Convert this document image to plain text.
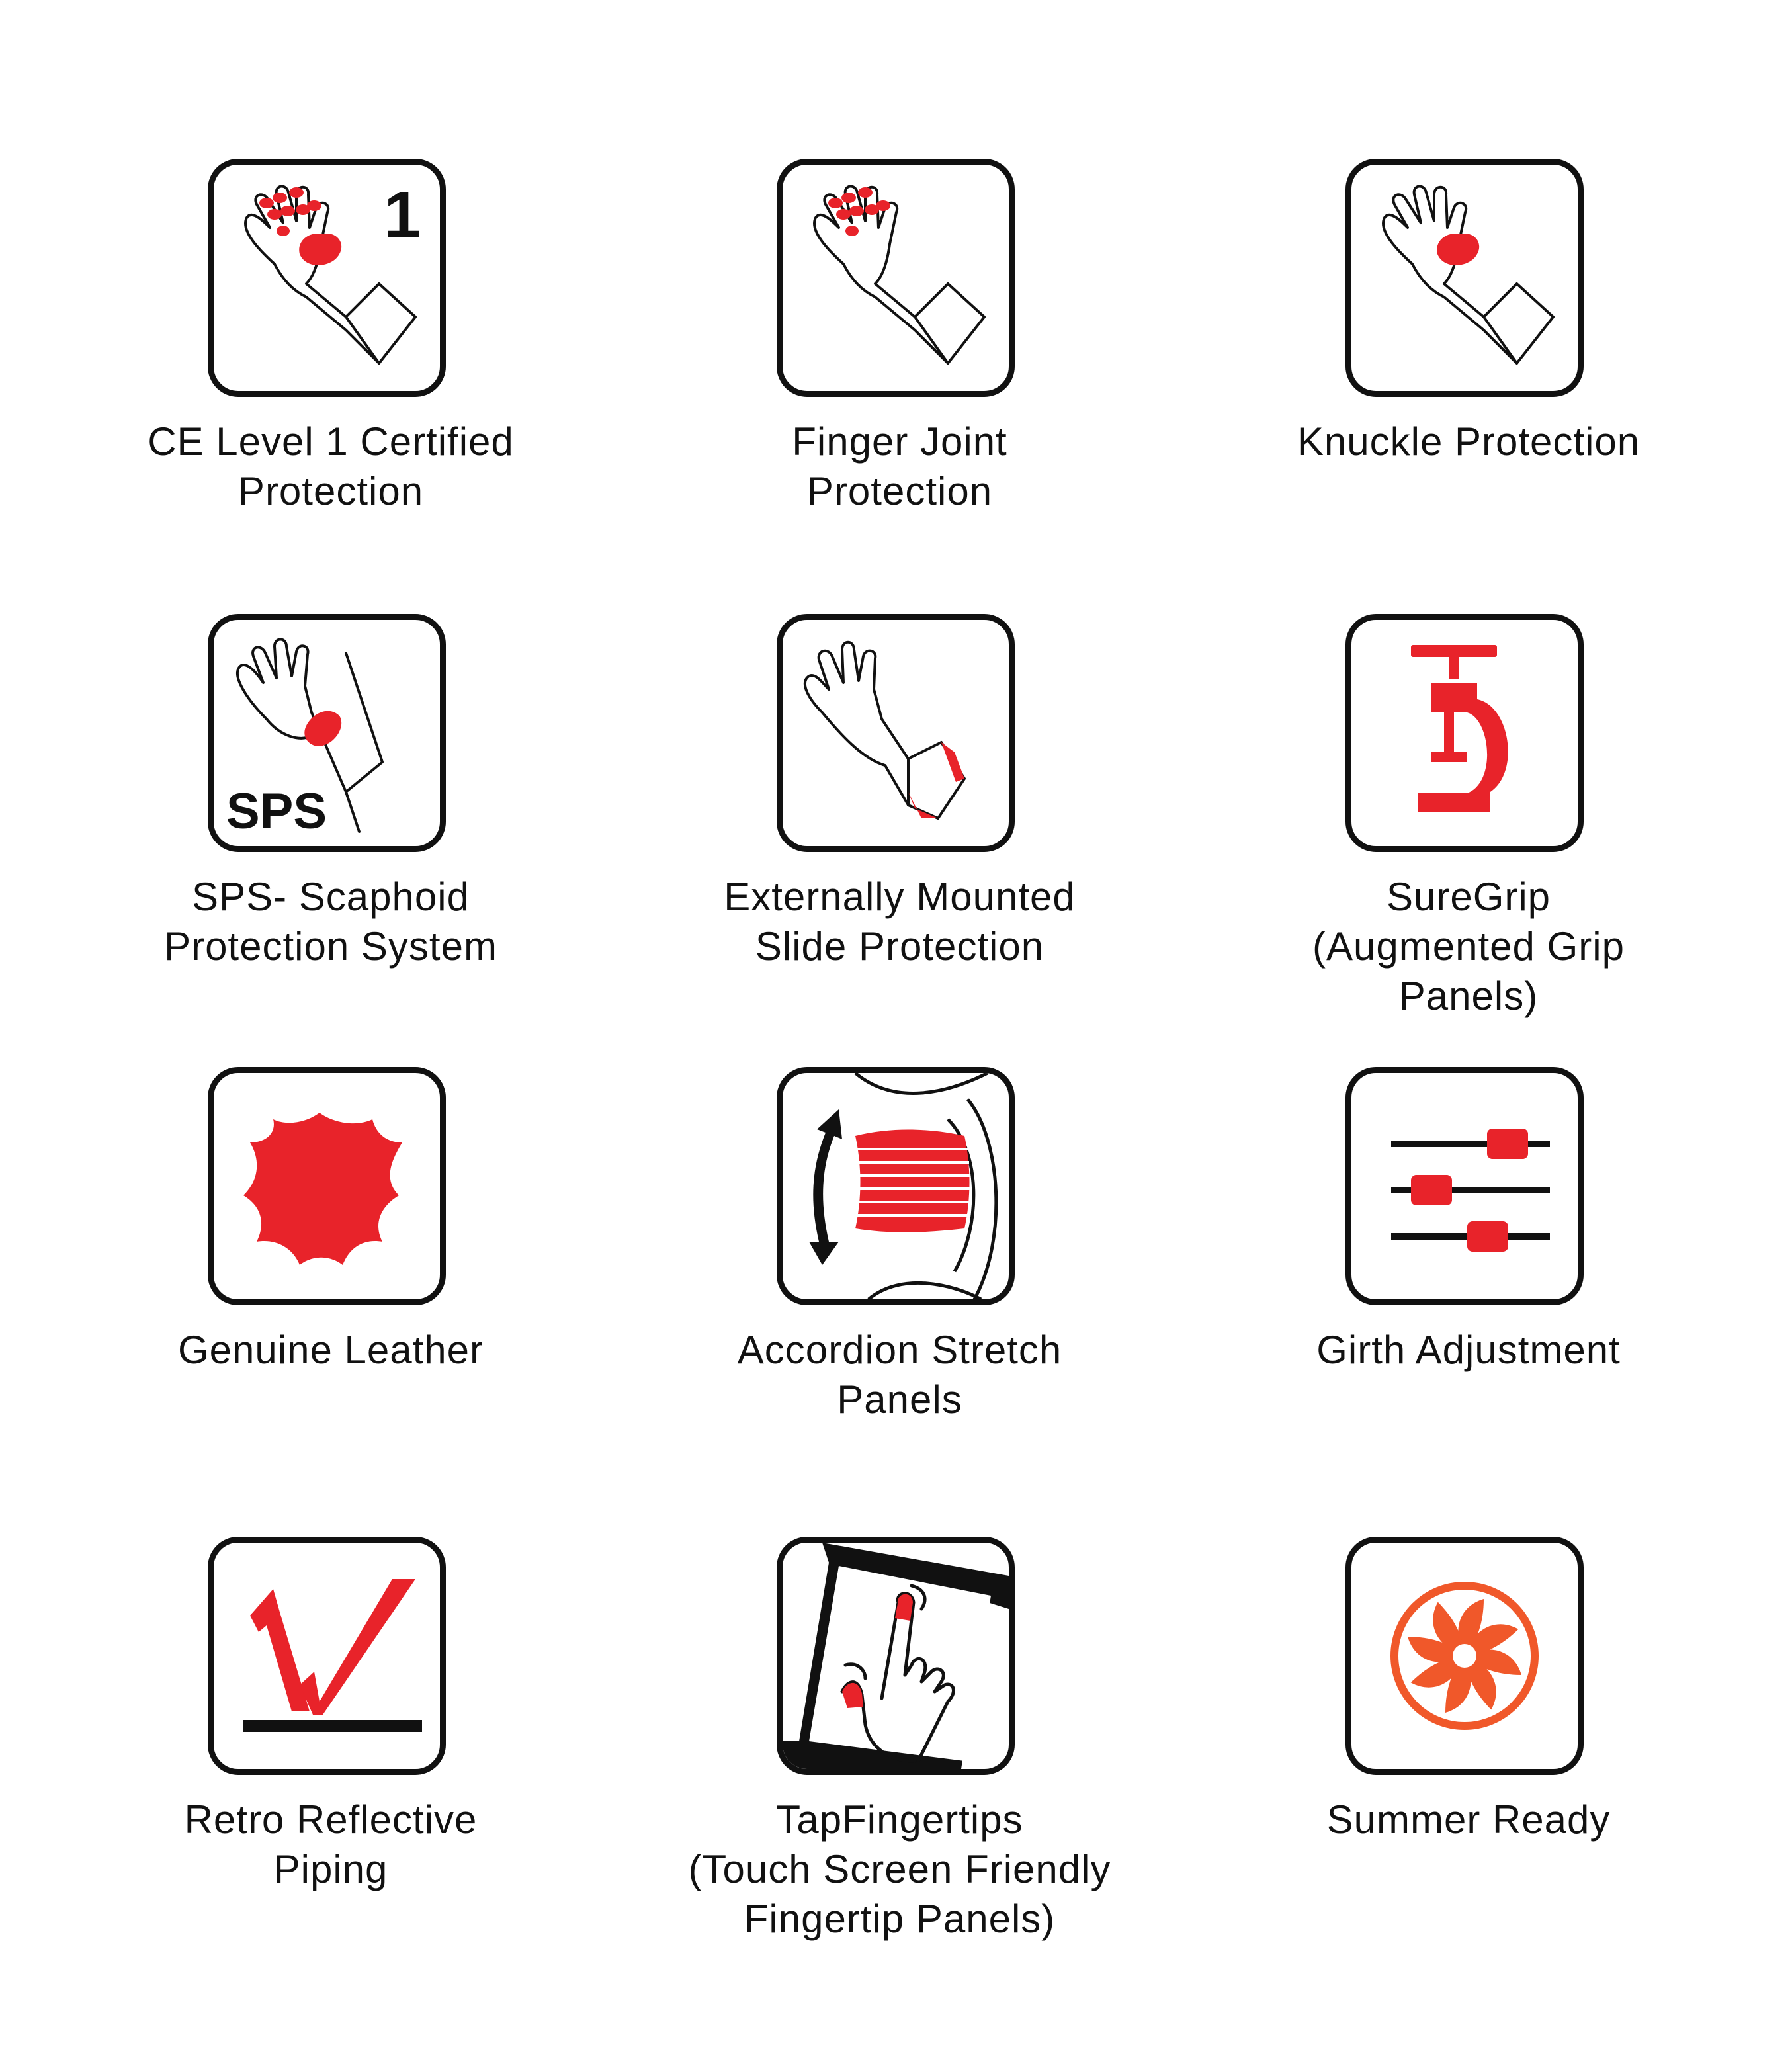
1
CE Level 1 Certified
Protection
Finger Joint
Protection
Knuckle Protection
SPS
SPS- Scaphoid
Protection System
Externally Mounted
Slide Protection
SureGrip
(Augmented Grip
Panels)
Genuine Leather	Accordion Stretch
Panels
Girth Adjustment
Retro Reflective
Piping
TapFingertips
(Touch Screen Friendly
Fingertip Panels)
Summer Ready
